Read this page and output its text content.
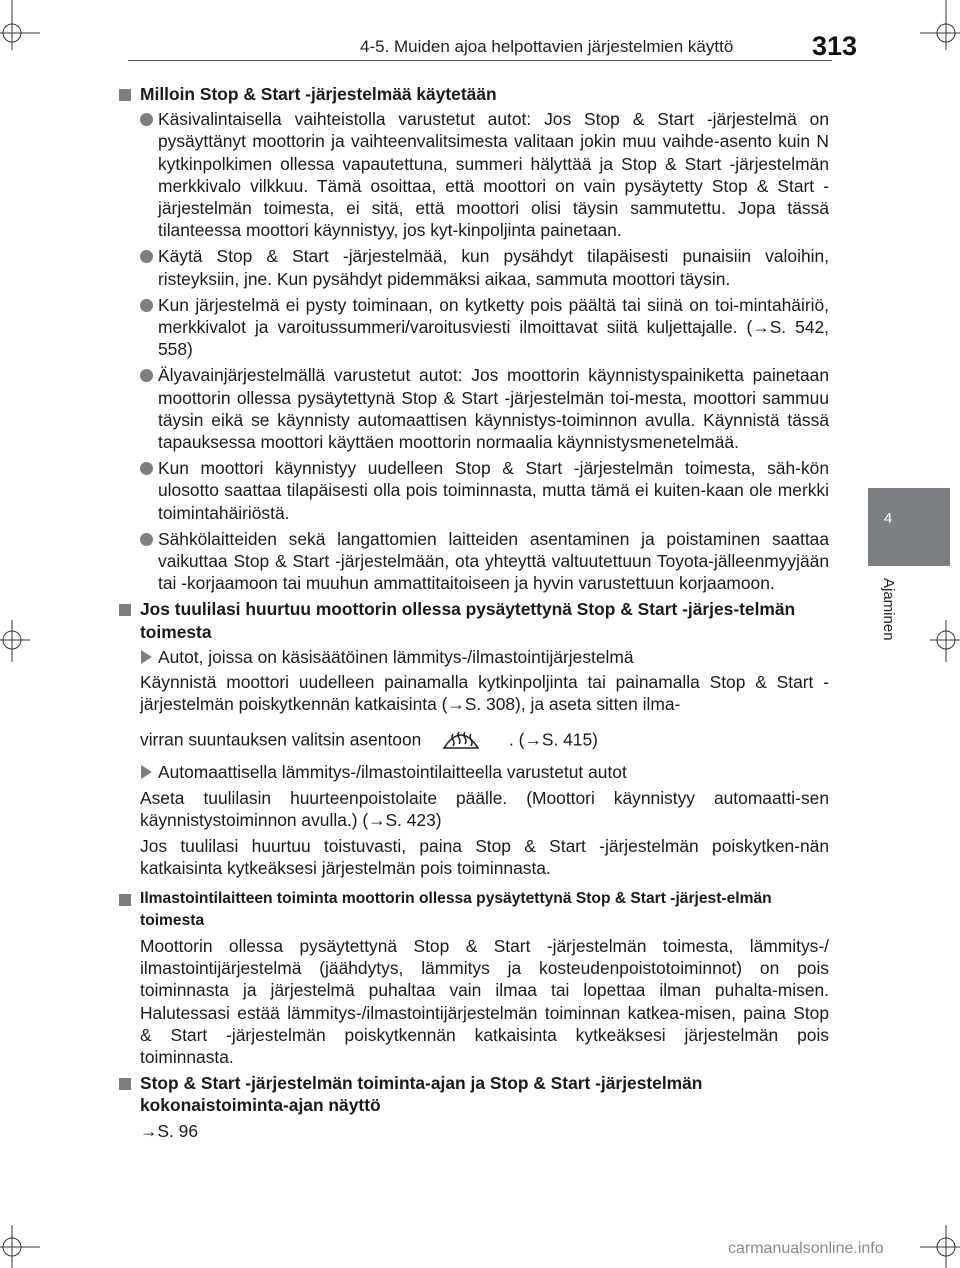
4-5. Muiden ajoa helpottavien järjestelmien käyttö	313
4
Ajaminen
Milloin Stop & Start -järjestelmää käytetään
Käsivalintaisella vaihteistolla varustetut autot: Jos Stop & Start -järjestelmä on pysäyttänyt moottorin ja vaihteenvalitsimesta valitaan jokin muu vaihde-asento kuin N kytkinpolkimen ollessa vapautettuna, summeri hälyttää ja Stop & Start -järjestelmän merkkivalo vilkkuu. Tämä osoittaa, että moottori on vain pysäytetty Stop & Start -järjestelmän toimesta, ei sitä, että moottori olisi täysin sammutettu. Jopa tässä tilanteessa moottori käynnistyy, jos kyt-kinpoljinta painetaan.
Käytä Stop & Start -järjestelmää, kun pysähdyt tilapäisesti punaisiin valoihin, risteyksiin, jne. Kun pysähdyt pidemmäksi aikaa, sammuta moottori täysin.
Kun järjestelmä ei pysty toiminaan, on kytketty pois päältä tai siinä on toi-mintahäiriö, merkkivalot ja varoitussummeri/varoitusviesti ilmoittavat siitä kuljettajalle. (→S. 542, 558)
Älyavainjärjestelmällä varustetut autot: Jos moottorin käynnistyspainiketta painetaan moottorin ollessa pysäytettynä Stop & Start -järjestelmän toi-mesta, moottori sammuu täysin eikä se käynnisty automaattisen käynnistys-toiminnon avulla. Käynnistä tässä tapauksessa moottori käyttäen moottorin normaalia käynnistysmenetelmää.
Kun moottori käynnistyy uudelleen Stop & Start -järjestelmän toimesta, säh-kön ulosotto saattaa tilapäisesti olla pois toiminnasta, mutta tämä ei kuiten-kaan ole merkki toimintahäiriöstä.
Sähkölaitteiden sekä langattomien laitteiden asentaminen ja poistaminen saattaa vaikuttaa Stop & Start -järjestelmään, ota yhteyttä valtuutettuun Toyota-jälleenmyyjään tai -korjaamoon tai muuhun ammattitaitoiseen ja hyvin varustettuun korjaamoon.
Jos tuulilasi huurtuu moottorin ollessa pysäytettynä Stop & Start -järjes-telmän toimesta
Autot, joissa on käsisäätöinen lämmitys-/ilmastointijärjestelmä
Käynnistä moottori uudelleen painamalla kytkinpoljinta tai painamalla Stop & Start -järjestelmän poiskytkennän katkaisinta (→S. 308), ja aseta sitten ilma-
virran suuntauksen valitsin asentoon	. (→S. 415)
Automaattisella lämmitys-/ilmastointilaitteella varustetut autot
Aseta tuulilasin huurteenpoistolaite päälle. (Moottori käynnistyy automaatti-sen käynnistystoiminnon avulla.) (→S. 423)
Jos tuulilasi huurtuu toistuvasti, paina Stop & Start -järjestelmän poiskytken-nän katkaisinta kytkeäksesi järjestelmän pois toiminnasta.
Ilmastointilaitteen toiminta moottorin ollessa pysäytettynä Stop & Start -järjest-elmän toimesta
Moottorin ollessa pysäytettynä Stop & Start -järjestelmän toimesta, lämmitys-/ ilmastointijärjestelmä (jäähdytys, lämmitys ja kosteudenpoistotoiminnot) on pois toiminnasta ja järjestelmä puhaltaa vain ilmaa tai lopettaa ilman puhalta-misen. Halutessasi estää lämmitys-/ilmastointijärjestelmän toiminnan katkea-misen, paina Stop & Start -järjestelmän poiskytkennän katkaisinta kytkeäksesi järjestelmän pois toiminnasta.
Stop & Start -järjestelmän toiminta-ajan ja Stop & Start -järjestelmän kokonaistoiminta-ajan näyttö
→S. 96
carmanualsonline.info
